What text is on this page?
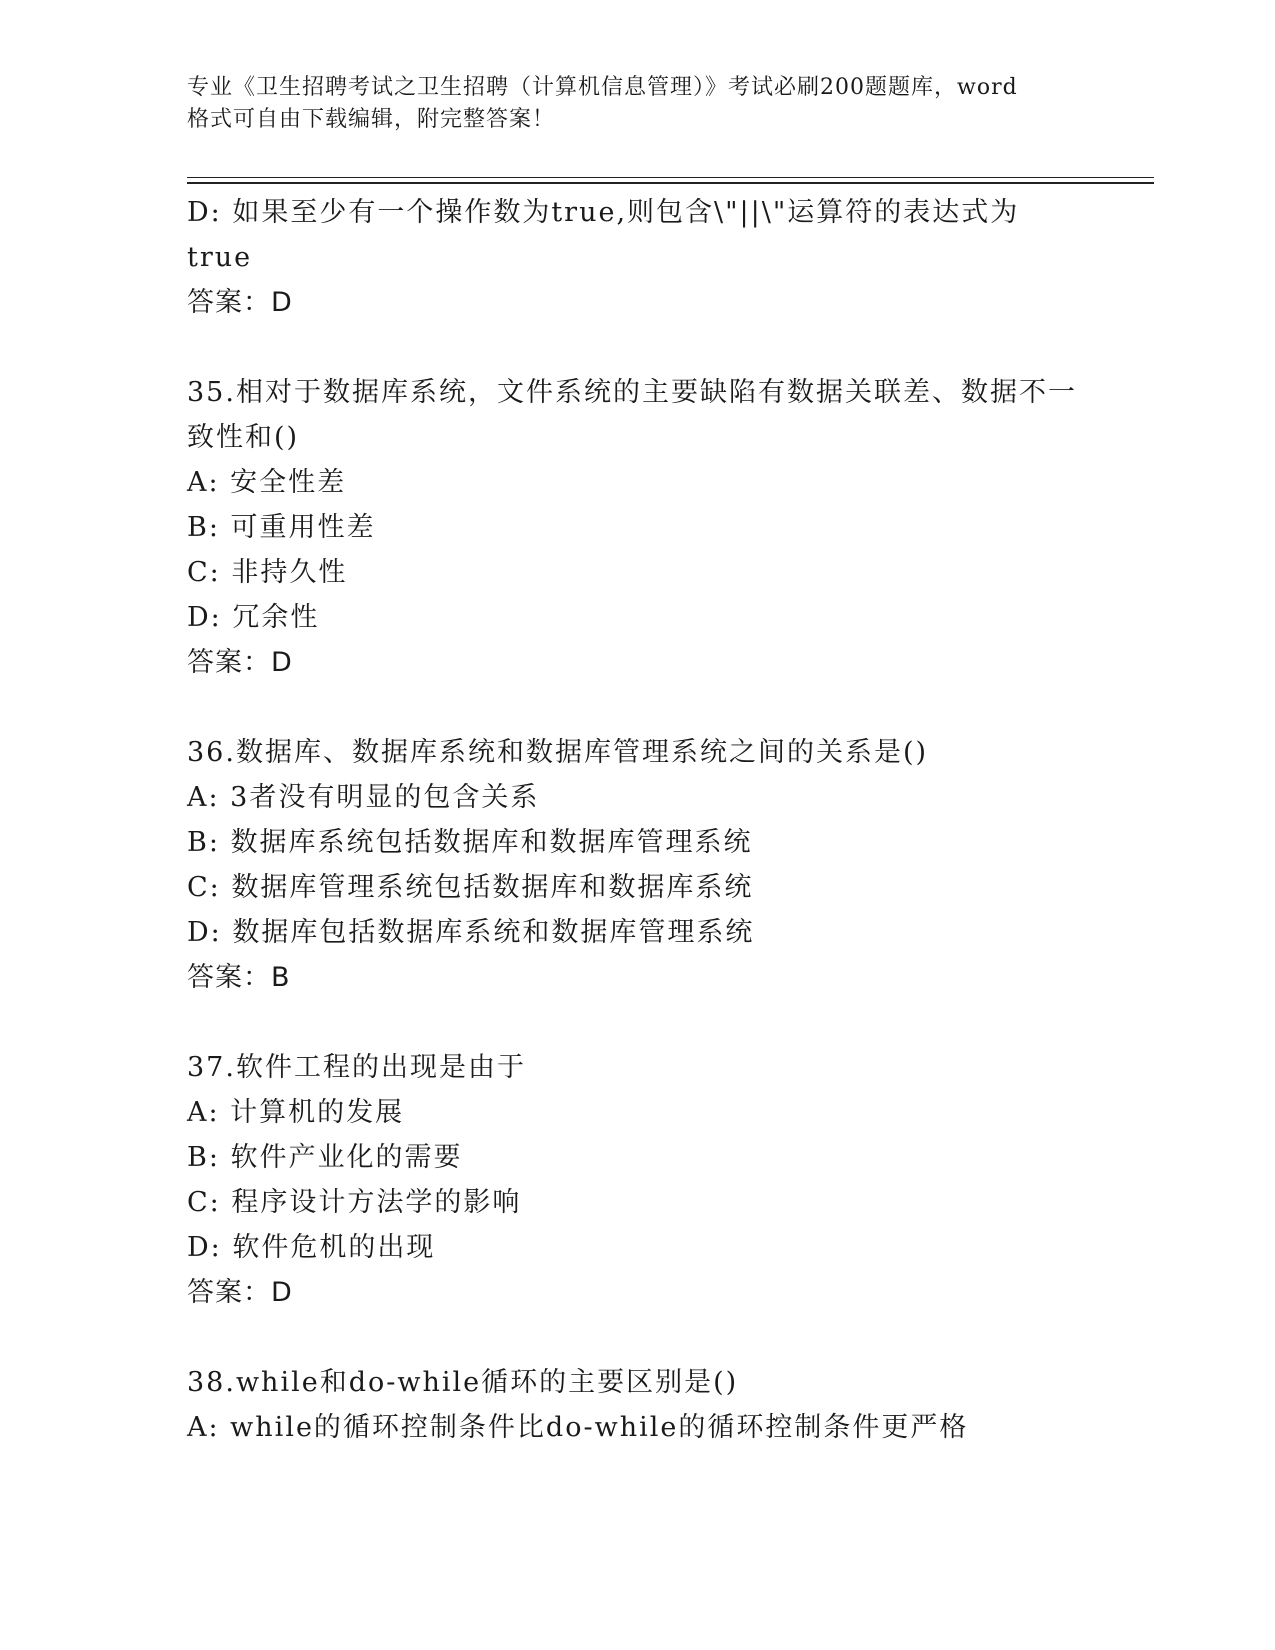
专业《卫生招聘考试之卫生招聘（计算机信息管理）》考试必刷200题题库，word
格式可自由下载编辑，附完整答案！
D: 如果至少有一个操作数为true,则包含\"||\"运算符的表达式为
true
答案：D
35.相对于数据库系统，文件系统的主要缺陷有数据关联差、数据不一
致性和()
A: 安全性差
B: 可重用性差
C: 非持久性
D: 冗余性
答案：D
36.数据库、数据库系统和数据库管理系统之间的关系是()
A: 3者没有明显的包含关系
B: 数据库系统包括数据库和数据库管理系统
C: 数据库管理系统包括数据库和数据库系统
D: 数据库包括数据库系统和数据库管理系统
答案：B
37.软件工程的出现是由于
A: 计算机的发展
B: 软件产业化的需要
C: 程序设计方法学的影响
D: 软件危机的出现
答案：D
38.while和do-while循环的主要区别是()
A: while的循环控制条件比do-while的循环控制条件更严格
